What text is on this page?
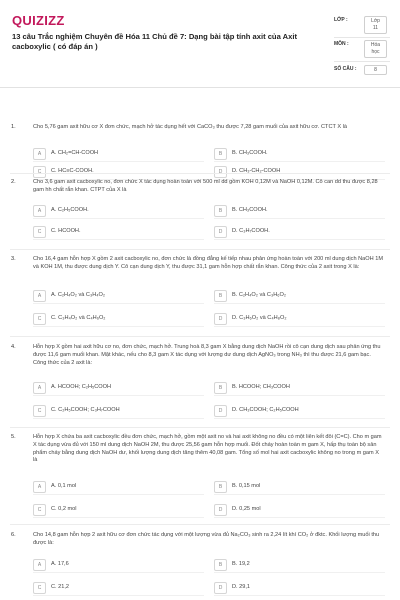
QUIZIZZ
13 câu Trắc nghiệm Chuyên đề Hóa 11 Chủ đề 7: Dạng bài tập tính axit của Axit cacboxylic ( có đáp án )
LỚP :	Lớp 11
MÔN :	Hóa học
SỐ CÂU :	8
1.	Cho 5,76 gam axit hữu cơ X đơn chức, mạch hở tác dụng hết với CaCO₃ thu được 7,28 gam muối của axit hữu cơ. CTCT X là
A	A. CH₂=CH-COOH	B	B. CH₃COOH.
C	C. HC≡C-COOH.	D	D. CH₃-CH₂-COOH
2.	Cho 3,6 gam axit cacboxylic no, đơn chức X tác dụng hoàn toàn với 500 ml dd gồm KOH 0,12M và NaOH 0,12M. Cô can dd thu được 8,28 gam hh chất rắn khan. CTPT của X là
A	A. C₂H₅COOH.	B	B. CH₃COOH.
C	C. HCOOH.	D	D. C₃H₇COOH.
3.	Cho 16,4 gam hỗn hợp X gồm 2 axit cacboxylic no, đơn chức là đồng đẳng kế tiếp nhau phản ứng hoàn toàn với 200 ml dung dịch NaOH 1M và KOH 1M, thu được dung dịch Y. Cô cạn dung dịch Y, thu được 31,1 gam hỗn hợp chất rắn khan. Công thức của 2 axit trong X là:
A	A. C₂H₄O₂ và C₃H₄O₂	B	B. C₂H₄O₂ và C₃H₆O₂
C	C. C₃H₄O₂ và C₄H₆O₂	D	D. C₃H₆O₂ và C₄H₈O₂
4.	Hỗn hợp X gồm hai axit hữu cơ no, đơn chức, mạch hở. Trung hoà 8,3 gam X bằng dung dịch NaOH rồi cô cạn dung dịch sau phản ứng thu được 11,6 gam muối khan. Mặt khác, nếu cho 8,3 gam X tác dụng với lượng dư dung dịch AgNO₃ trong NH₃ thì thu được 21,6 gam bạc. Công thức của 2 axit là:
A	A. HCOOH; C₂H₅COOH	B	B. HCOOH; CH₃COOH
C	C. C₂H₅COOH; C₃H₇COOH	D	D. CH₃COOH; C₂H₅COOH
5.	Hỗn hợp X chứa ba axit cacboxylic đều đơn chức, mạch hở, gồm một axit no và hai axit không no đều có một liên kết đôi (C=C). Cho m gam X tác dụng vừa đủ với 150 ml dung dịch NaOH 2M, thu được 25,56 gam hỗn hợp muối. Đốt cháy hoàn toàn m gam X, hấp thụ toàn bộ sản phẩm cháy bằng dung dịch NaOH dư, khối lượng dung dịch tăng thêm 40,08 gam. Tổng số mol hai axit cacboxylic không no trong m gam X là
A	A. 0,1 mol	B	B. 0,15 mol
C	C. 0,2 mol	D	D. 0,25 mol
6.	Cho 14,8 gam hỗn hợp 2 axit hữu cơ đơn chức tác dụng với một lượng vừa đủ Na₂CO₃ sinh ra 2,24 lít khí CO₂ ở đktc. Khối lượng muối thu được là:
A	A. 17,6	B	B. 19,2
C	C. 21,2	D	D. 29,1
